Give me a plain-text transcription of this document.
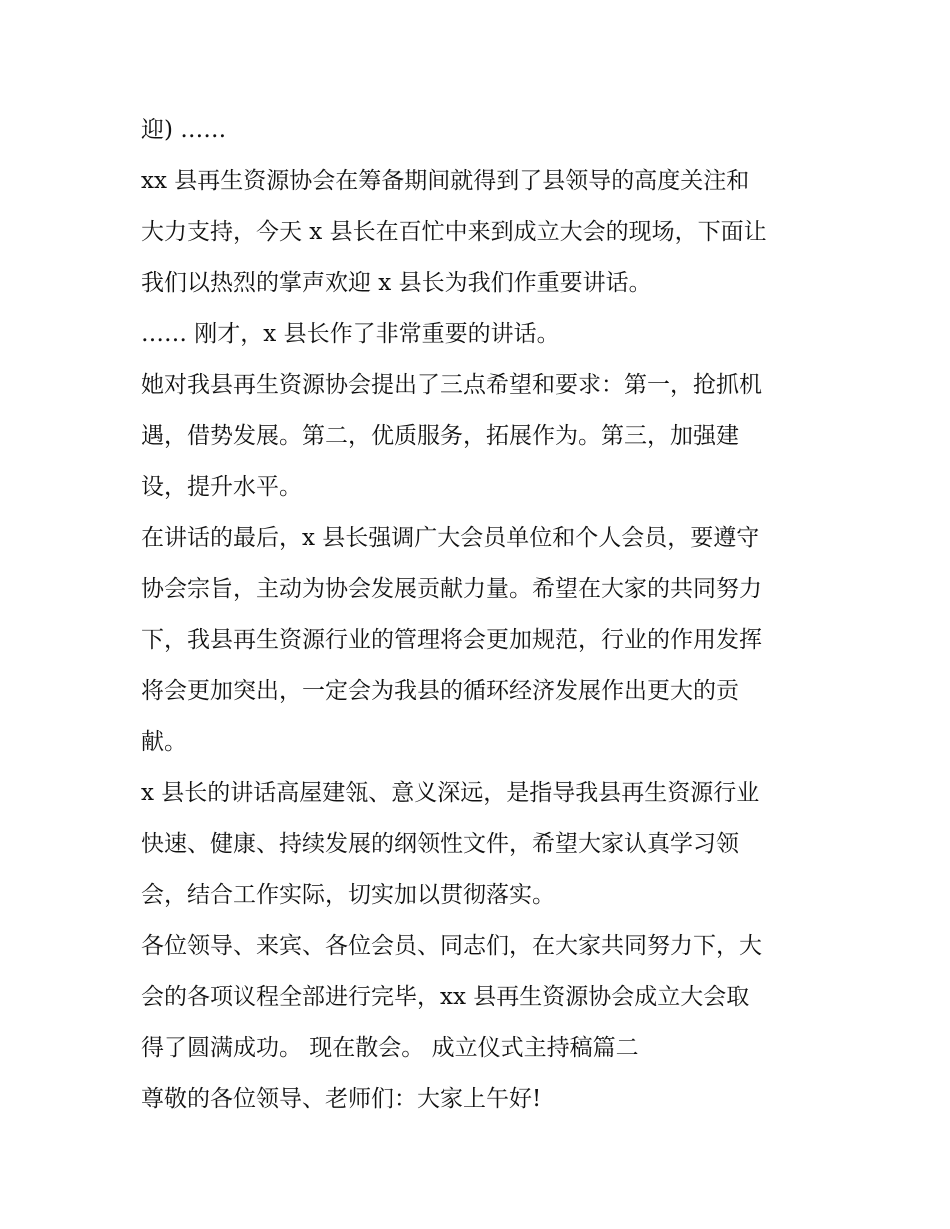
迎) ……

xx 县再生资源协会在筹备期间就得到了县领导的高度关注和

大力支持，今天 x 县长在百忙中来到成立大会的现场，下面让

我们以热烈的掌声欢迎 x 县长为我们作重要讲话。

…… 刚才，x 县长作了非常重要的讲话。

她对我县再生资源协会提出了三点希望和要求：第一，抢抓机

遇，借势发展。第二，优质服务，拓展作为。第三，加强建

设，提升水平。

在讲话的最后，x 县长强调广大会员单位和个人会员，要遵守

协会宗旨，主动为协会发展贡献力量。希望在大家的共同努力

下，我县再生资源行业的管理将会更加规范，行业的作用发挥

将会更加突出，一定会为我县的循环经济发展作出更大的贡

献。

x 县长的讲话高屋建瓴、意义深远，是指导我县再生资源行业

快速、健康、持续发展的纲领性文件，希望大家认真学习领

会，结合工作实际，切实加以贯彻落实。

各位领导、来宾、各位会员、同志们，在大家共同努力下，大

会的各项议程全部进行完毕，xx 县再生资源协会成立大会取

得了圆满成功。 现在散会。 成立仪式主持稿篇二

尊敬的各位领导、老师们：大家上午好!
